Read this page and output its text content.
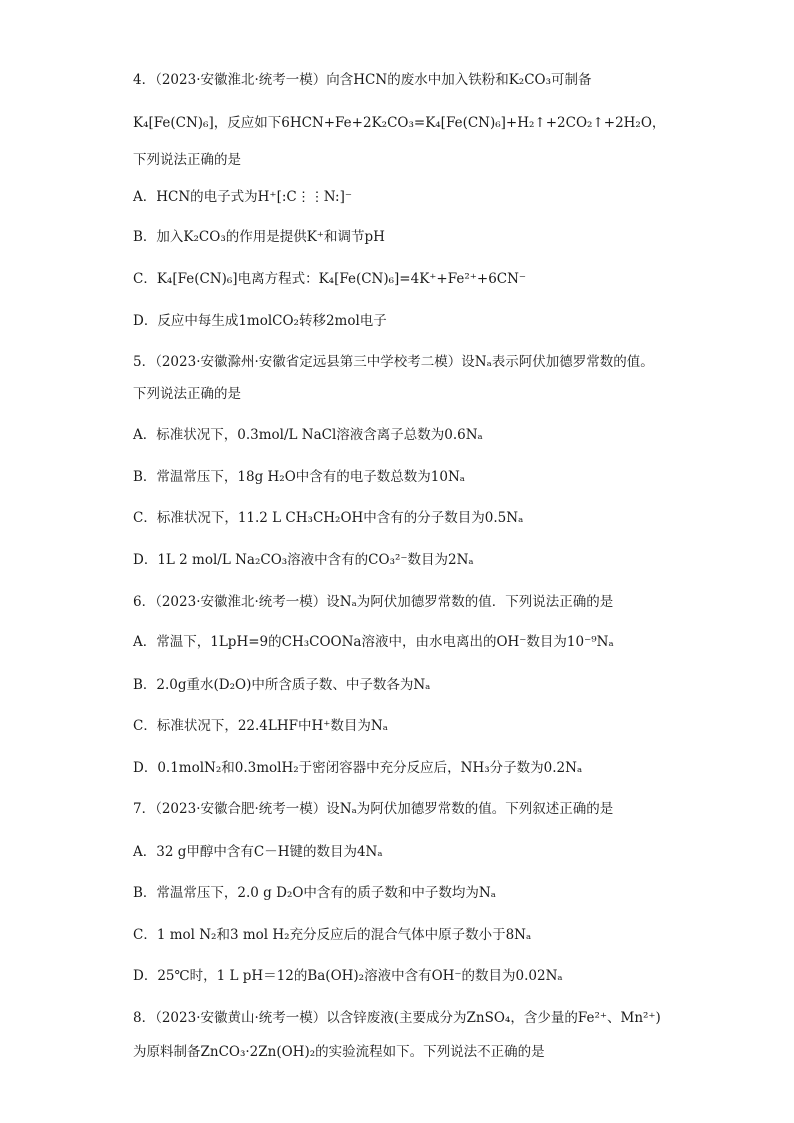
4．（2023·安徽淮北·统考一模）向含HCN的废水中加入铁粉和K₂CO₃可制备
K₄[Fe(CN)₆]，反应如下6HCN+Fe+2K₂CO₃=K₄[Fe(CN)₆]+H₂↑+2CO₂↑+2H₂O，
下列说法正确的是
A．HCN的电子式为H⁺[:C⋮⋮N:]⁻
B．加入K₂CO₃的作用是提供K⁺和调节pH
C．K₄[Fe(CN)₆]电离方程式：K₄[Fe(CN)₆]=4K⁺+Fe²⁺+6CN⁻
D．反应中每生成1molCO₂转移2mol电子
5．（2023·安徽滁州·安徽省定远县第三中学校考二模）设Nₐ表示阿伏加德罗常数的值。
下列说法正确的是
A．标准状况下，0.3mol/L NaCl溶液含离子总数为0.6Nₐ
B．常温常压下，18g H₂O中含有的电子数总数为10Nₐ
C．标准状况下，11.2 L CH₃CH₂OH中含有的分子数目为0.5Nₐ
D．1L 2 mol/L Na₂CO₃溶液中含有的CO₃²⁻数目为2Nₐ
6．（2023·安徽淮北·统考一模）设Nₐ为阿伏加德罗常数的值．下列说法正确的是
A．常温下，1LpH=9的CH₃COONa溶液中，由水电离出的OH⁻数目为10⁻⁹Nₐ
B．2.0g重水(D₂O)中所含质子数、中子数各为Nₐ
C．标准状况下，22.4LHF中H⁺数目为Nₐ
D．0.1molN₂和0.3molH₂于密闭容器中充分反应后，NH₃分子数为0.2Nₐ
7．（2023·安徽合肥·统考一模）设Nₐ为阿伏加德罗常数的值。下列叙述正确的是
A．32 g甲醇中含有C－H键的数目为4Nₐ
B．常温常压下，2.0 g D₂O中含有的质子数和中子数均为Nₐ
C．1 mol N₂和3 mol H₂充分反应后的混合气体中原子数小于8Nₐ
D．25℃时，1 L pH＝12的Ba(OH)₂溶液中含有OH⁻的数目为0.02Nₐ
8．（2023·安徽黄山·统考一模）以含锌废液(主要成分为ZnSO₄，含少量的Fe²⁺、Mn²⁺)
为原料制备ZnCO₃·2Zn(OH)₂的实验流程如下。下列说法不正确的是
